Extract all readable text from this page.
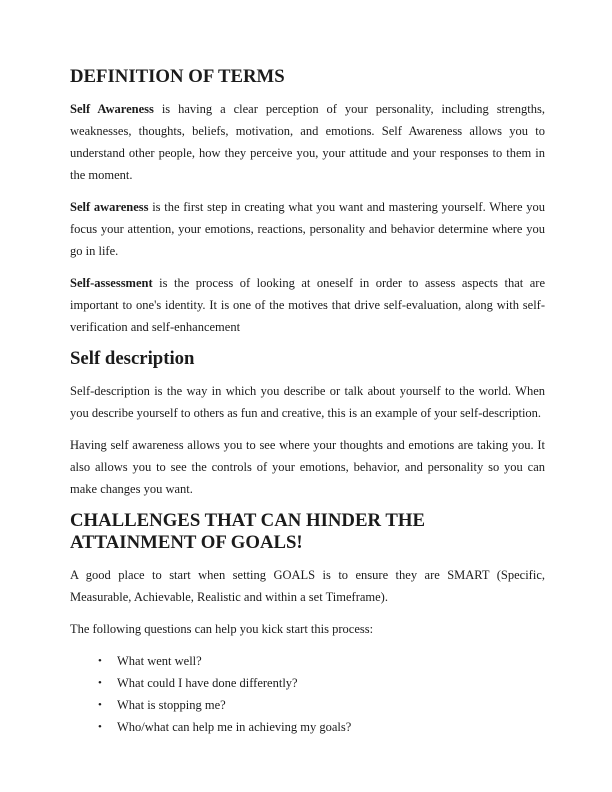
DEFINITION OF TERMS

Self Awareness is having a clear perception of your personality, including strengths, weaknesses, thoughts, beliefs, motivation, and emotions. Self Awareness allows you to understand other people, how they perceive you, your attitude and your responses to them in the moment.

Self awareness is the first step in creating what you want and mastering yourself. Where you focus your attention, your emotions, reactions, personality and behavior determine where you go in life.

Self-assessment is the process of looking at oneself in order to assess aspects that are important to one's identity. It is one of the motives that drive self-evaluation, along with self-verification and self-enhancement

Self description

Self-description is the way in which you describe or talk about yourself to the world. When you describe yourself to others as fun and creative, this is an example of your self-description.

Having self awareness allows you to see where your thoughts and emotions are taking you. It also allows you to see the controls of your emotions, behavior, and personality so you can make changes you want.

CHALLENGES THAT CAN HINDER THE ATTAINMENT OF GOALS!

A good place to start when setting GOALS is to ensure they are SMART (Specific, Measurable, Achievable, Realistic and within a set Timeframe).

The following questions can help you kick start this process:

• What went well?
• What could I have done differently?
• What is stopping me?
• Who/what can help me in achieving my goals?
